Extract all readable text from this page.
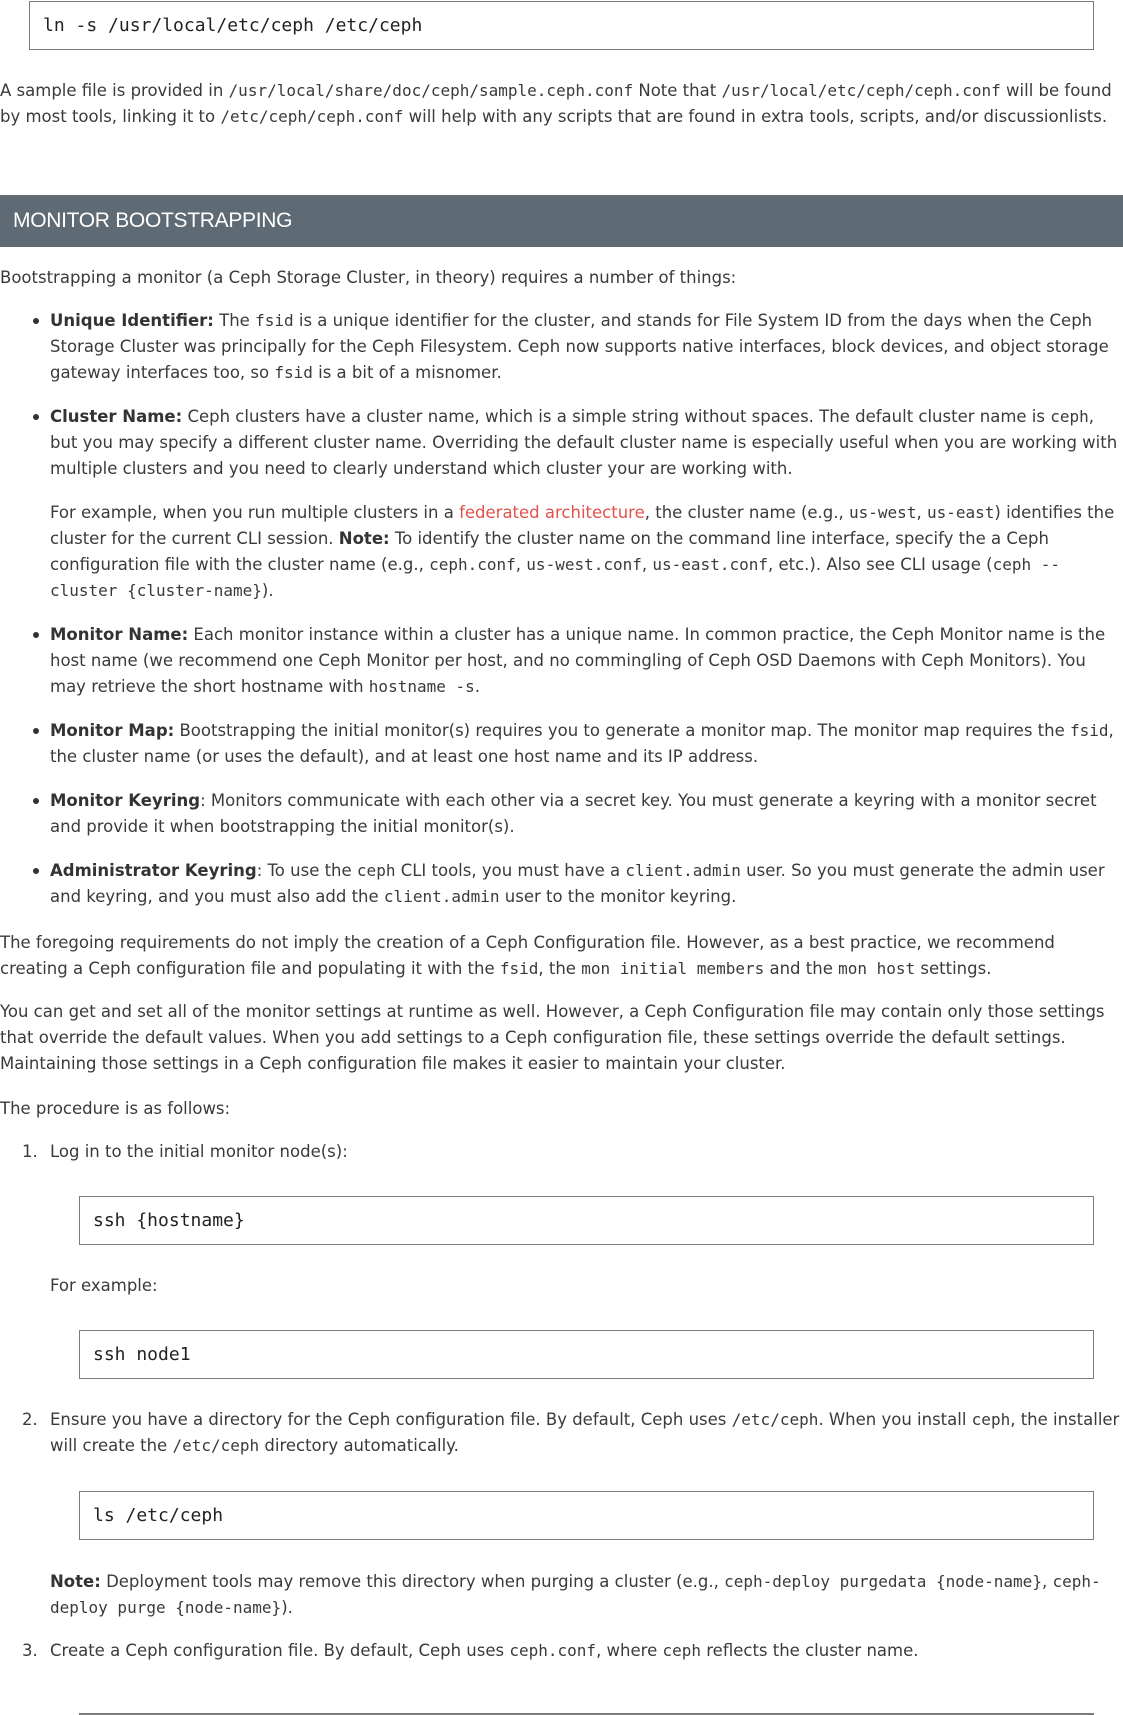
ln -s /usr/local/etc/ceph /etc/ceph

A sample file is provided in /usr/local/share/doc/ceph/sample.ceph.conf Note that /usr/local/etc/ceph/ceph.conf will be found by most tools, linking it to /etc/ceph/ceph.conf will help with any scripts that are found in extra tools, scripts, and/or discussionlists.

MONITOR BOOTSTRAPPING

Bootstrapping a monitor (a Ceph Storage Cluster, in theory) requires a number of things:

Unique Identifier: The fsid is a unique identifier for the cluster, and stands for File System ID from the days when the Ceph Storage Cluster was principally for the Ceph Filesystem. Ceph now supports native interfaces, block devices, and object storage gateway interfaces too, so fsid is a bit of a misnomer.
Cluster Name: Ceph clusters have a cluster name, which is a simple string without spaces. The default cluster name is ceph, but you may specify a different cluster name. Overriding the default cluster name is especially useful when you are working with multiple clusters and you need to clearly understand which cluster your are working with.
For example, when you run multiple clusters in a federated architecture, the cluster name (e.g., us-west, us-east) identifies the cluster for the current CLI session. Note: To identify the cluster name on the command line interface, specify the a Ceph configuration file with the cluster name (e.g., ceph.conf, us-west.conf, us-east.conf, etc.). Also see CLI usage (ceph --cluster {cluster-name}).
Monitor Name: Each monitor instance within a cluster has a unique name. In common practice, the Ceph Monitor name is the host name (we recommend one Ceph Monitor per host, and no commingling of Ceph OSD Daemons with Ceph Monitors). You may retrieve the short hostname with hostname -s.
Monitor Map: Bootstrapping the initial monitor(s) requires you to generate a monitor map. The monitor map requires the fsid, the cluster name (or uses the default), and at least one host name and its IP address.
Monitor Keyring: Monitors communicate with each other via a secret key. You must generate a keyring with a monitor secret and provide it when bootstrapping the initial monitor(s).
Administrator Keyring: To use the ceph CLI tools, you must have a client.admin user. So you must generate the admin user and keyring, and you must also add the client.admin user to the monitor keyring.

The foregoing requirements do not imply the creation of a Ceph Configuration file. However, as a best practice, we recommend creating a Ceph configuration file and populating it with the fsid, the mon initial members and the mon host settings.

You can get and set all of the monitor settings at runtime as well. However, a Ceph Configuration file may contain only those settings that override the default values. When you add settings to a Ceph configuration file, these settings override the default settings. Maintaining those settings in a Ceph configuration file makes it easier to maintain your cluster.

The procedure is as follows:

1. Log in to the initial monitor node(s):

ssh {hostname}

For example:

ssh node1
2. Ensure you have a directory for the Ceph configuration file. By default, Ceph uses /etc/ceph. When you install ceph, the installer will create the /etc/ceph directory automatically.

ls /etc/ceph

Note: Deployment tools may remove this directory when purging a cluster (e.g., ceph-deploy purgedata {node-name}, ceph-deploy purge {node-name}).

3. Create a Ceph configuration file. By default, Ceph uses ceph.conf, where ceph reflects the cluster name.
